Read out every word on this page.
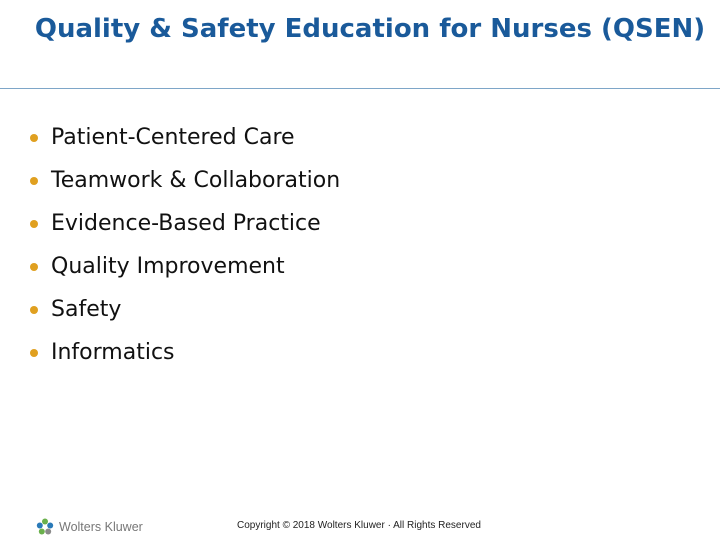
Quality & Safety Education for Nurses (QSEN)
Patient-Centered Care
Teamwork & Collaboration
Evidence-Based Practice
Quality Improvement
Safety
Informatics
Wolters Kluwer	Copyright © 2018 Wolters Kluwer · All Rights Reserved
